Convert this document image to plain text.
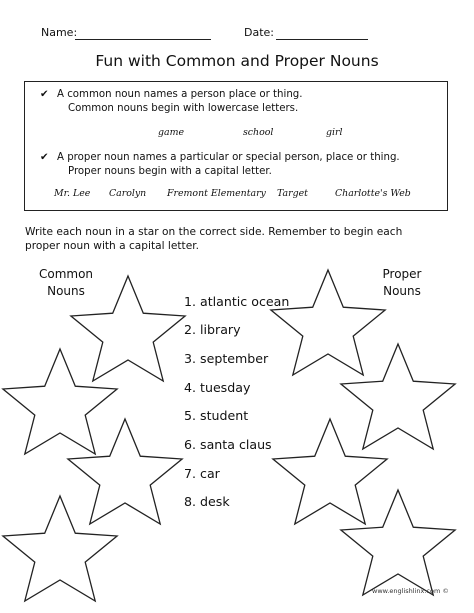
Name:	Date:
Fun with Common and Proper Nouns
✔ A common noun names a person place or thing.
Common nouns begin with lowercase letters.
game	school	girl
✔ A proper noun names a particular or special person, place or thing.
Proper nouns begin with a capital letter.
Mr. Lee Carolyn Fremont Elementary Target	Charlotte's Web
Write each noun in a star on the correct side. Remember to begin each
proper noun with a capital letter.
Common
Nouns
Proper
Nouns
1. atlantic ocean
2. library
3. september
4. tuesday
5. student
6. santa claus
7. car
8. desk
www.englishlinx.com ©
